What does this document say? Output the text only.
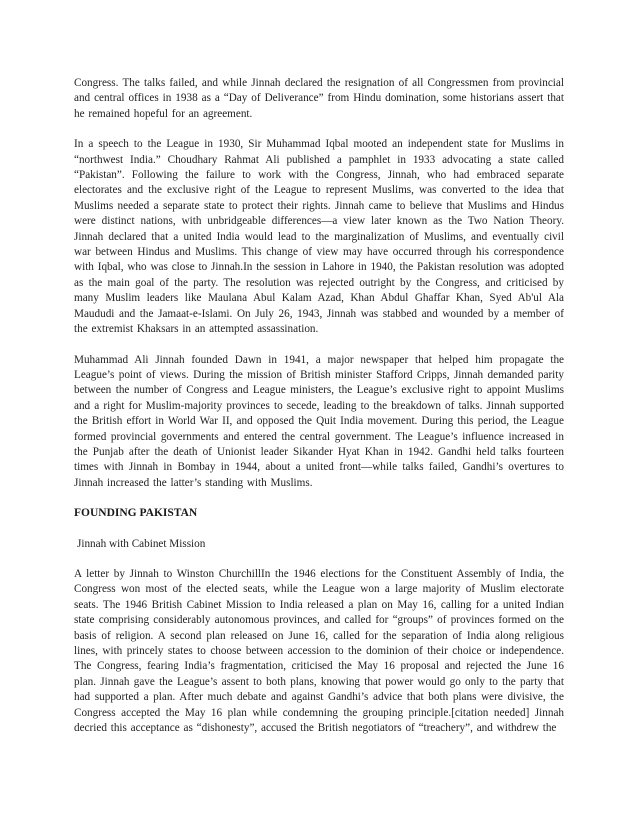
Congress. The talks failed, and while Jinnah declared the resignation of all Congressmen from provincial and central offices in 1938 as a “Day of Deliverance” from Hindu domination, some historians assert that he remained hopeful for an agreement.

In a speech to the League in 1930, Sir Muhammad Iqbal mooted an independent state for Muslims in “northwest India.” Choudhary Rahmat Ali published a pamphlet in 1933 advocating a state called “Pakistan”. Following the failure to work with the Congress, Jinnah, who had embraced separate electorates and the exclusive right of the League to represent Muslims, was converted to the idea that Muslims needed a separate state to protect their rights. Jinnah came to believe that Muslims and Hindus were distinct nations, with unbridgeable differences—a view later known as the Two Nation Theory. Jinnah declared that a united India would lead to the marginalization of Muslims, and eventually civil war between Hindus and Muslims. This change of view may have occurred through his correspondence with Iqbal, who was close to Jinnah.In the session in Lahore in 1940, the Pakistan resolution was adopted as the main goal of the party. The resolution was rejected outright by the Congress, and criticised by many Muslim leaders like Maulana Abul Kalam Azad, Khan Abdul Ghaffar Khan, Syed Ab'ul Ala Maududi and the Jamaat-e-Islami. On July 26, 1943, Jinnah was stabbed and wounded by a member of the extremist Khaksars in an attempted assassination.

Muhammad Ali Jinnah founded Dawn in 1941, a major newspaper that helped him propagate the League’s point of views. During the mission of British minister Stafford Cripps, Jinnah demanded parity between the number of Congress and League ministers, the League’s exclusive right to appoint Muslims and a right for Muslim-majority provinces to secede, leading to the breakdown of talks. Jinnah supported the British effort in World War II, and opposed the Quit India movement. During this period, the League formed provincial governments and entered the central government. The League’s influence increased in the Punjab after the death of Unionist leader Sikander Hyat Khan in 1942. Gandhi held talks fourteen times with Jinnah in Bombay in 1944, about a united front—while talks failed, Gandhi’s overtures to Jinnah increased the latter’s standing with Muslims.

FOUNDING PAKISTAN

Jinnah with Cabinet Mission

A letter by Jinnah to Winston ChurchillIn the 1946 elections for the Constituent Assembly of India, the Congress won most of the elected seats, while the League won a large majority of Muslim electorate seats. The 1946 British Cabinet Mission to India released a plan on May 16, calling for a united Indian state comprising considerably autonomous provinces, and called for “groups” of provinces formed on the basis of religion. A second plan released on June 16, called for the separation of India along religious lines, with princely states to choose between accession to the dominion of their choice or independence. The Congress, fearing India’s fragmentation, criticised the May 16 proposal and rejected the June 16 plan. Jinnah gave the League’s assent to both plans, knowing that power would go only to the party that had supported a plan. After much debate and against Gandhi’s advice that both plans were divisive, the Congress accepted the May 16 plan while condemning the grouping principle.[citation needed] Jinnah decried this acceptance as “dishonesty”, accused the British negotiators of “treachery”, and withdrew the
